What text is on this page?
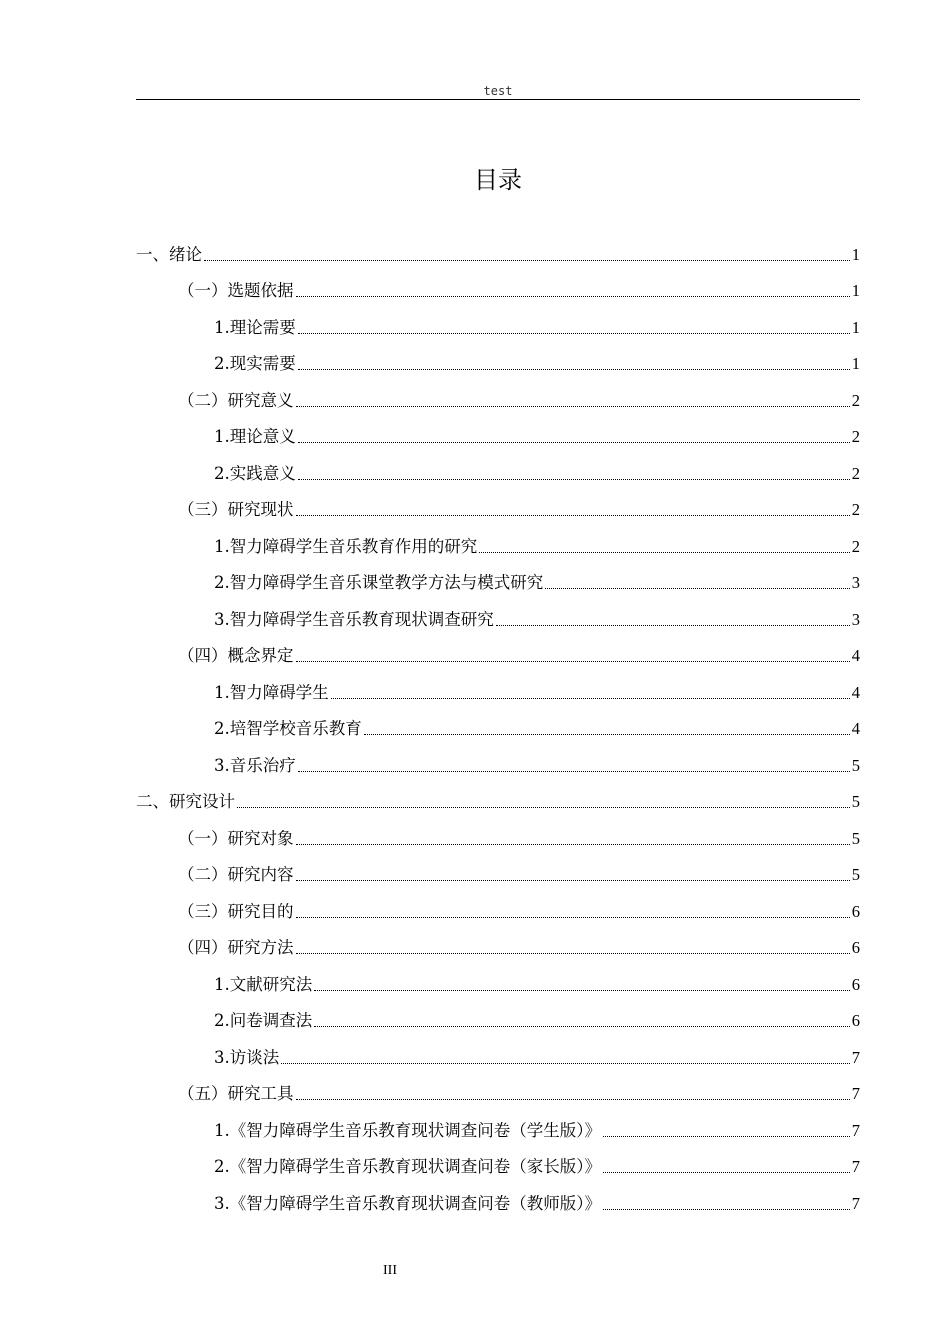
test
目录
一、绪论	1
（一）选题依据	1
1.理论需要	1
2.现实需要	1
（二）研究意义	2
1.理论意义	2
2.实践意义	2
（三）研究现状	2
1.智力障碍学生音乐教育作用的研究	2
2.智力障碍学生音乐课堂教学方法与模式研究	3
3.智力障碍学生音乐教育现状调查研究	3
（四）概念界定	4
1.智力障碍学生	4
2.培智学校音乐教育	4
3.音乐治疗	5
二、研究设计	5
（一）研究对象	5
（二）研究内容	5
（三）研究目的	6
（四）研究方法	6
1.文献研究法	6
2.问卷调查法	6
3.访谈法	7
（五）研究工具	7
1.《智力障碍学生音乐教育现状调查问卷（学生版）》	7
2.《智力障碍学生音乐教育现状调查问卷（家长版）》	7
3.《智力障碍学生音乐教育现状调查问卷（教师版）》	7
III
